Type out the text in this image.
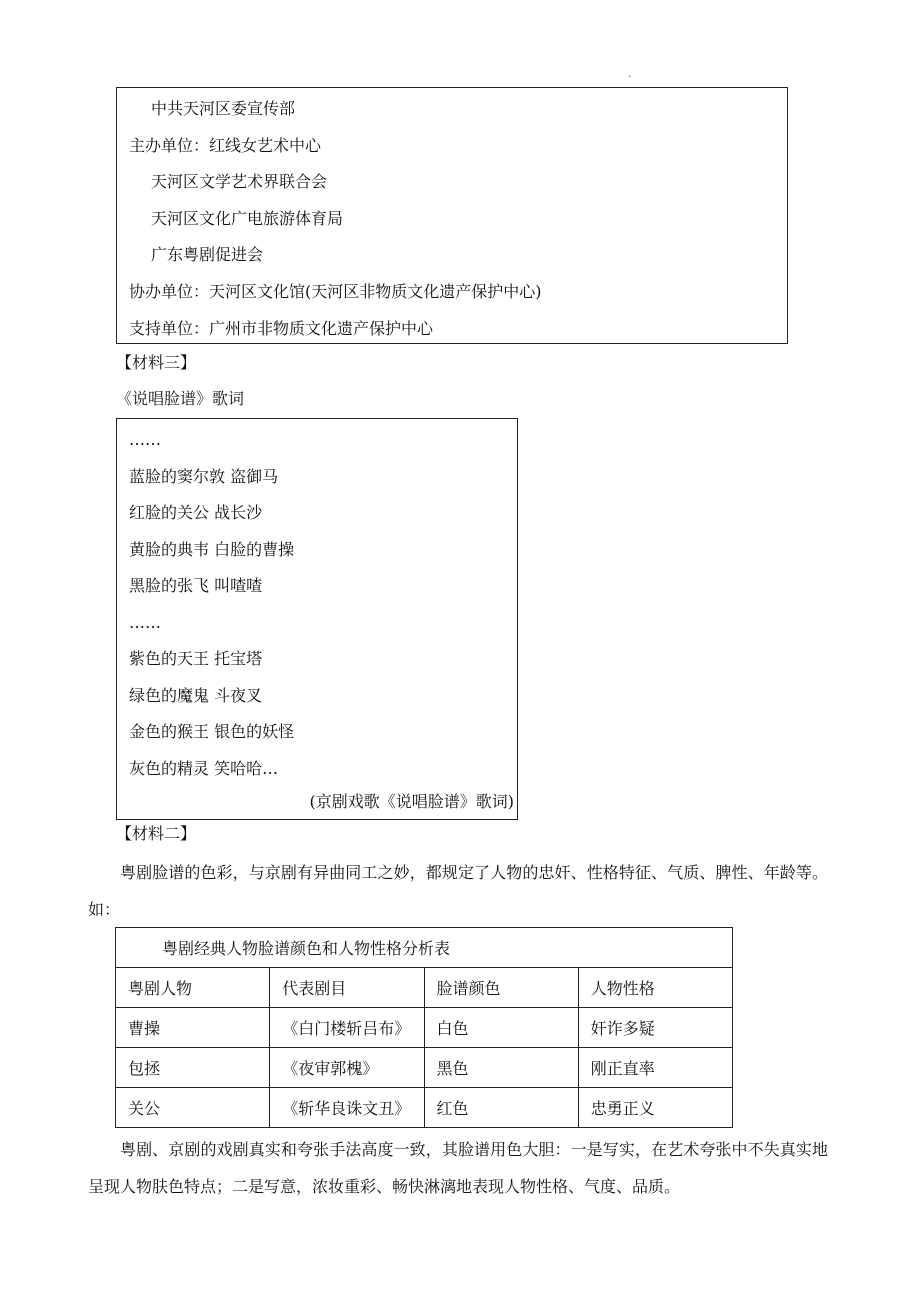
.
中共天河区委宣传部
主办单位：红线女艺术中心
天河区文学艺术界联合会
天河区文化广电旅游体育局
广东粤剧促进会
协办单位：天河区文化馆(天河区非物质文化遗产保护中心)
支持单位：广州市非物质文化遗产保护中心
【材料三】
《说唱脸谱》歌词
……
蓝脸的窦尔敦 盗御马
红脸的关公 战长沙
黄脸的典韦 白脸的曹操
黑脸的张飞 叫喳喳
……
紫色的天王 托宝塔
绿色的魔鬼 斗夜叉
金色的猴王 银色的妖怪
灰色的精灵 笑哈哈…
(京剧戏歌《说唱脸谱》歌词)
【材料二】
粤剧脸谱的色彩，与京剧有异曲同工之妙，都规定了人物的忠奸、性格特征、气质、脾性、年龄等。如：
粤剧经典人物脸谱颜色和人物性格分析表			
粤剧人物	代表剧目	脸谱颜色	人物性格
曹操	《白门楼斩吕布》	白色	奸诈多疑
包拯	《夜审郭槐》	黑色	刚正直率
关公	《斩华良诛文丑》	红色	忠勇正义
粤剧、京剧的戏剧真实和夸张手法高度一致，其脸谱用色大胆：一是写实，在艺术夸张中不失真实地呈现人物肤色特点；二是写意，浓妆重彩、畅快淋漓地表现人物性格、气度、品质。
